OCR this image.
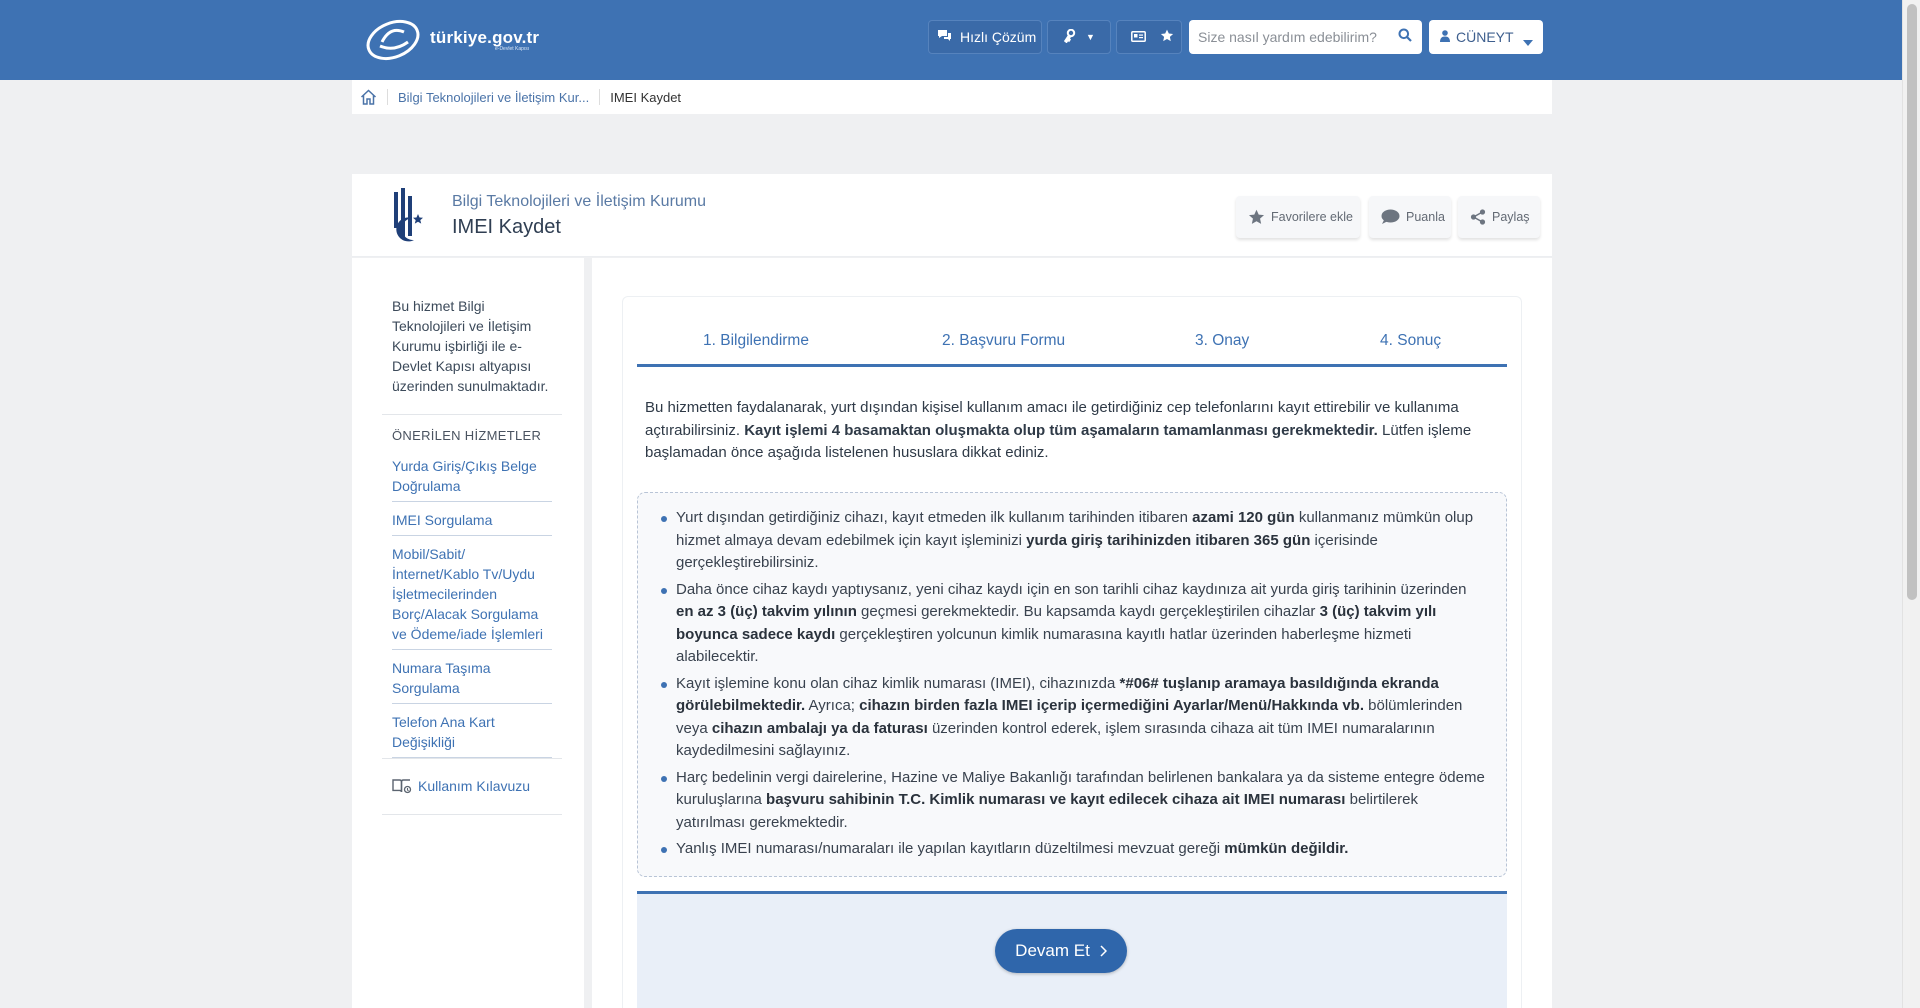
türkiye.gov.tr
e-Devlet Kapısı
Hızlı Çözüm	▼
Size nasıl yardım edebilirim?	CÜNEYT
Bilgi Teknolojileri ve İletişim Kur... IMEI Kaydet
Bilgi Teknolojileri ve İletişim Kurumu
IMEI Kaydet	Favorilere ekle	Puanla	Paylaş
Bu hizmet Bilgi Teknolojileri ve İletişim Kurumu işbirliği ile e-Devlet Kapısı altyapısı üzerinden sunulmaktadır.
ÖNERİLEN HİZMETLER
Yurda Giriş/Çıkış Belge Doğrulama
IMEI Sorgulama
Mobil/Sabit/ İnternet/Kablo Tv/Uydu İşletmecilerinden Borç/Alacak Sorgulama ve Ödeme/iade İşlemleri
Numara Taşıma Sorgulama
Telefon Ana Kart Değişikliği
Kullanım Kılavuzu
1. Bilgilendirme	2. Başvuru Formu	3. Onay	4. Sonuç

Bu hizmetten faydalanarak, yurt dışından kişisel kullanım amacı ile getirdiğiniz cep telefonlarını kayıt ettirebilir ve kullanıma açtırabilirsiniz. Kayıt işlemi 4 basamaktan oluşmakta olup tüm aşamaların tamamlanması gerekmektedir. Lütfen işleme başlamadan önce aşağıda listelenen hususlara dikkat ediniz.

Yurt dışından getirdiğiniz cihazı, kayıt etmeden ilk kullanım tarihinden itibaren azami 120 gün kullanmanız mümkün olup hizmet almaya devam edebilmek için kayıt işleminizi yurda giriş tarihinizden itibaren 365 gün içerisinde gerçekleştirebilirsiniz.
Daha önce cihaz kaydı yaptıysanız, yeni cihaz kaydı için en son tarihli cihaz kaydınıza ait yurda giriş tarihinin üzerinden en az 3 (üç) takvim yılının geçmesi gerekmektedir. Bu kapsamda kaydı gerçekleştirilen cihazlar 3 (üç) takvim yılı boyunca sadece kaydı gerçekleştiren yolcunun kimlik numarasına kayıtlı hatlar üzerinden haberleşme hizmeti alabilecektir.
Kayıt işlemine konu olan cihaz kimlik numarası (IMEI), cihazınızda *#06# tuşlanıp aramaya basıldığında ekranda görülebilmektedir. Ayrıca; cihazın birden fazla IMEI içerip içermediğini Ayarlar/Menü/Hakkında vb. bölümlerinden veya cihazın ambalajı ya da faturası üzerinden kontrol ederek, işlem sırasında cihaza ait tüm IMEI numaralarının kaydedilmesini sağlayınız.
Harç bedelinin vergi dairelerine, Hazine ve Maliye Bakanlığı tarafından belirlenen bankalara ya da sisteme entegre ödeme kuruluşlarına başvuru sahibinin T.C. Kimlik numarası ve kayıt edilecek cihaza ait IMEI numarası belirtilerek yatırılması gerekmektedir.
Yanlış IMEI numarası/numaraları ile yapılan kayıtların düzeltilmesi mevzuat gereği mümkün değildir.
Devam Et
